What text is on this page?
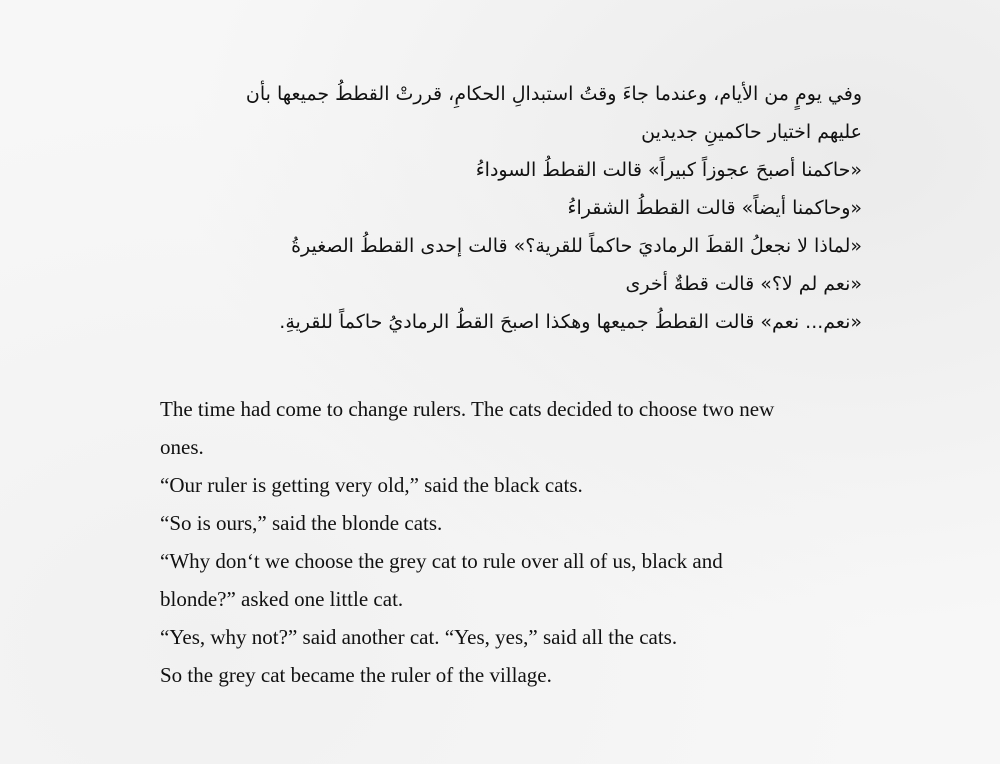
وفي يومٍ من الأيام، وعندما جاءَ وقتُ استبدالِ الحكامِ، قررتْ القططُ جميعها بأن

عليهم اختيار حاكمينِ جديدين

«حاكمنا أصبحَ عجوزاً كبيراً» قالت القططُ السوداءُ

«وحاكمنا أيضاً» قالت القططُ الشقراءُ

«لماذا لا نجعلُ القطَ الرماديَ حاكماً للقرية؟» قالت إحدى القططُ الصغيرةُ

«نعم لم لا؟» قالت قطةٌ أخرى

«نعم... نعم» قالت القططُ جميعها وهكذا اصبحَ القطُ الرماديُ حاكماً للقريةِ.

The time had come to change rulers. The cats decided to choose two new

ones.

“Our ruler is getting very old,” said the black cats.

“So is ours,” said the blonde cats.

“Why don‘t we choose the grey cat to rule over all of us, black and

blonde?” asked one little cat.

“Yes, why not?” said another cat. “Yes, yes,” said all the cats.

So the grey cat became the ruler of the village.
